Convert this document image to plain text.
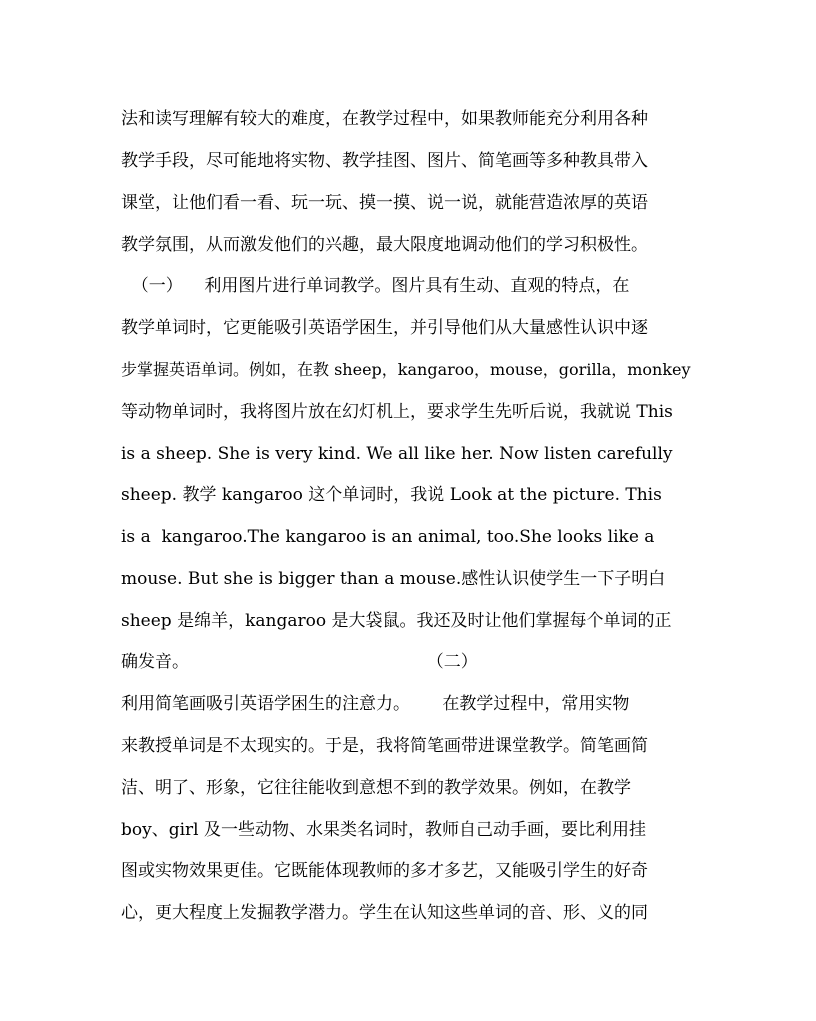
法和读写理解有较大的难度，在教学过程中，如果教师能充分利用各种
教学手段，尽可能地将实物、教学挂图、图片、简笔画等多种教具带入
课堂，让他们看一看、玩一玩、摸一摸、说一说，就能营造浓厚的英语
教学氛围，从而激发他们的兴趣，最大限度地调动他们的学习积极性。
（一）    利用图片进行单词教学。图片具有生动、直观的特点，在
教学单词时，它更能吸引英语学困生，并引导他们从大量感性认识中逐
步掌握英语单词。例如，在教 sheep，kangaroo，mouse，gorilla，monkey
等动物单词时，我将图片放在幻灯机上，要求学生先听后说，我就说 This
is a sheep. She is very kind. We all like her. Now listen carefully
sheep. 教学 kangaroo 这个单词时，我说 Look at the picture. This
is a  kangaroo.The kangaroo is an animal, too.She looks like a
mouse. But she is bigger than a mouse.感性认识使学生一下子明白
sheep 是绵羊，kangaroo 是大袋鼠。我还及时让他们掌握每个单词的正
确发音。                                            （二）
利用简笔画吸引英语学困生的注意力。      在教学过程中，常用实物
来教授单词是不太现实的。于是，我将简笔画带进课堂教学。简笔画简
洁、明了、形象，它往往能收到意想不到的教学效果。例如，在教学
boy、girl 及一些动物、水果类名词时，教师自己动手画，要比利用挂
图或实物效果更佳。它既能体现教师的多才多艺，又能吸引学生的好奇
心，更大程度上发掘教学潜力。学生在认知这些单词的音、形、义的同
